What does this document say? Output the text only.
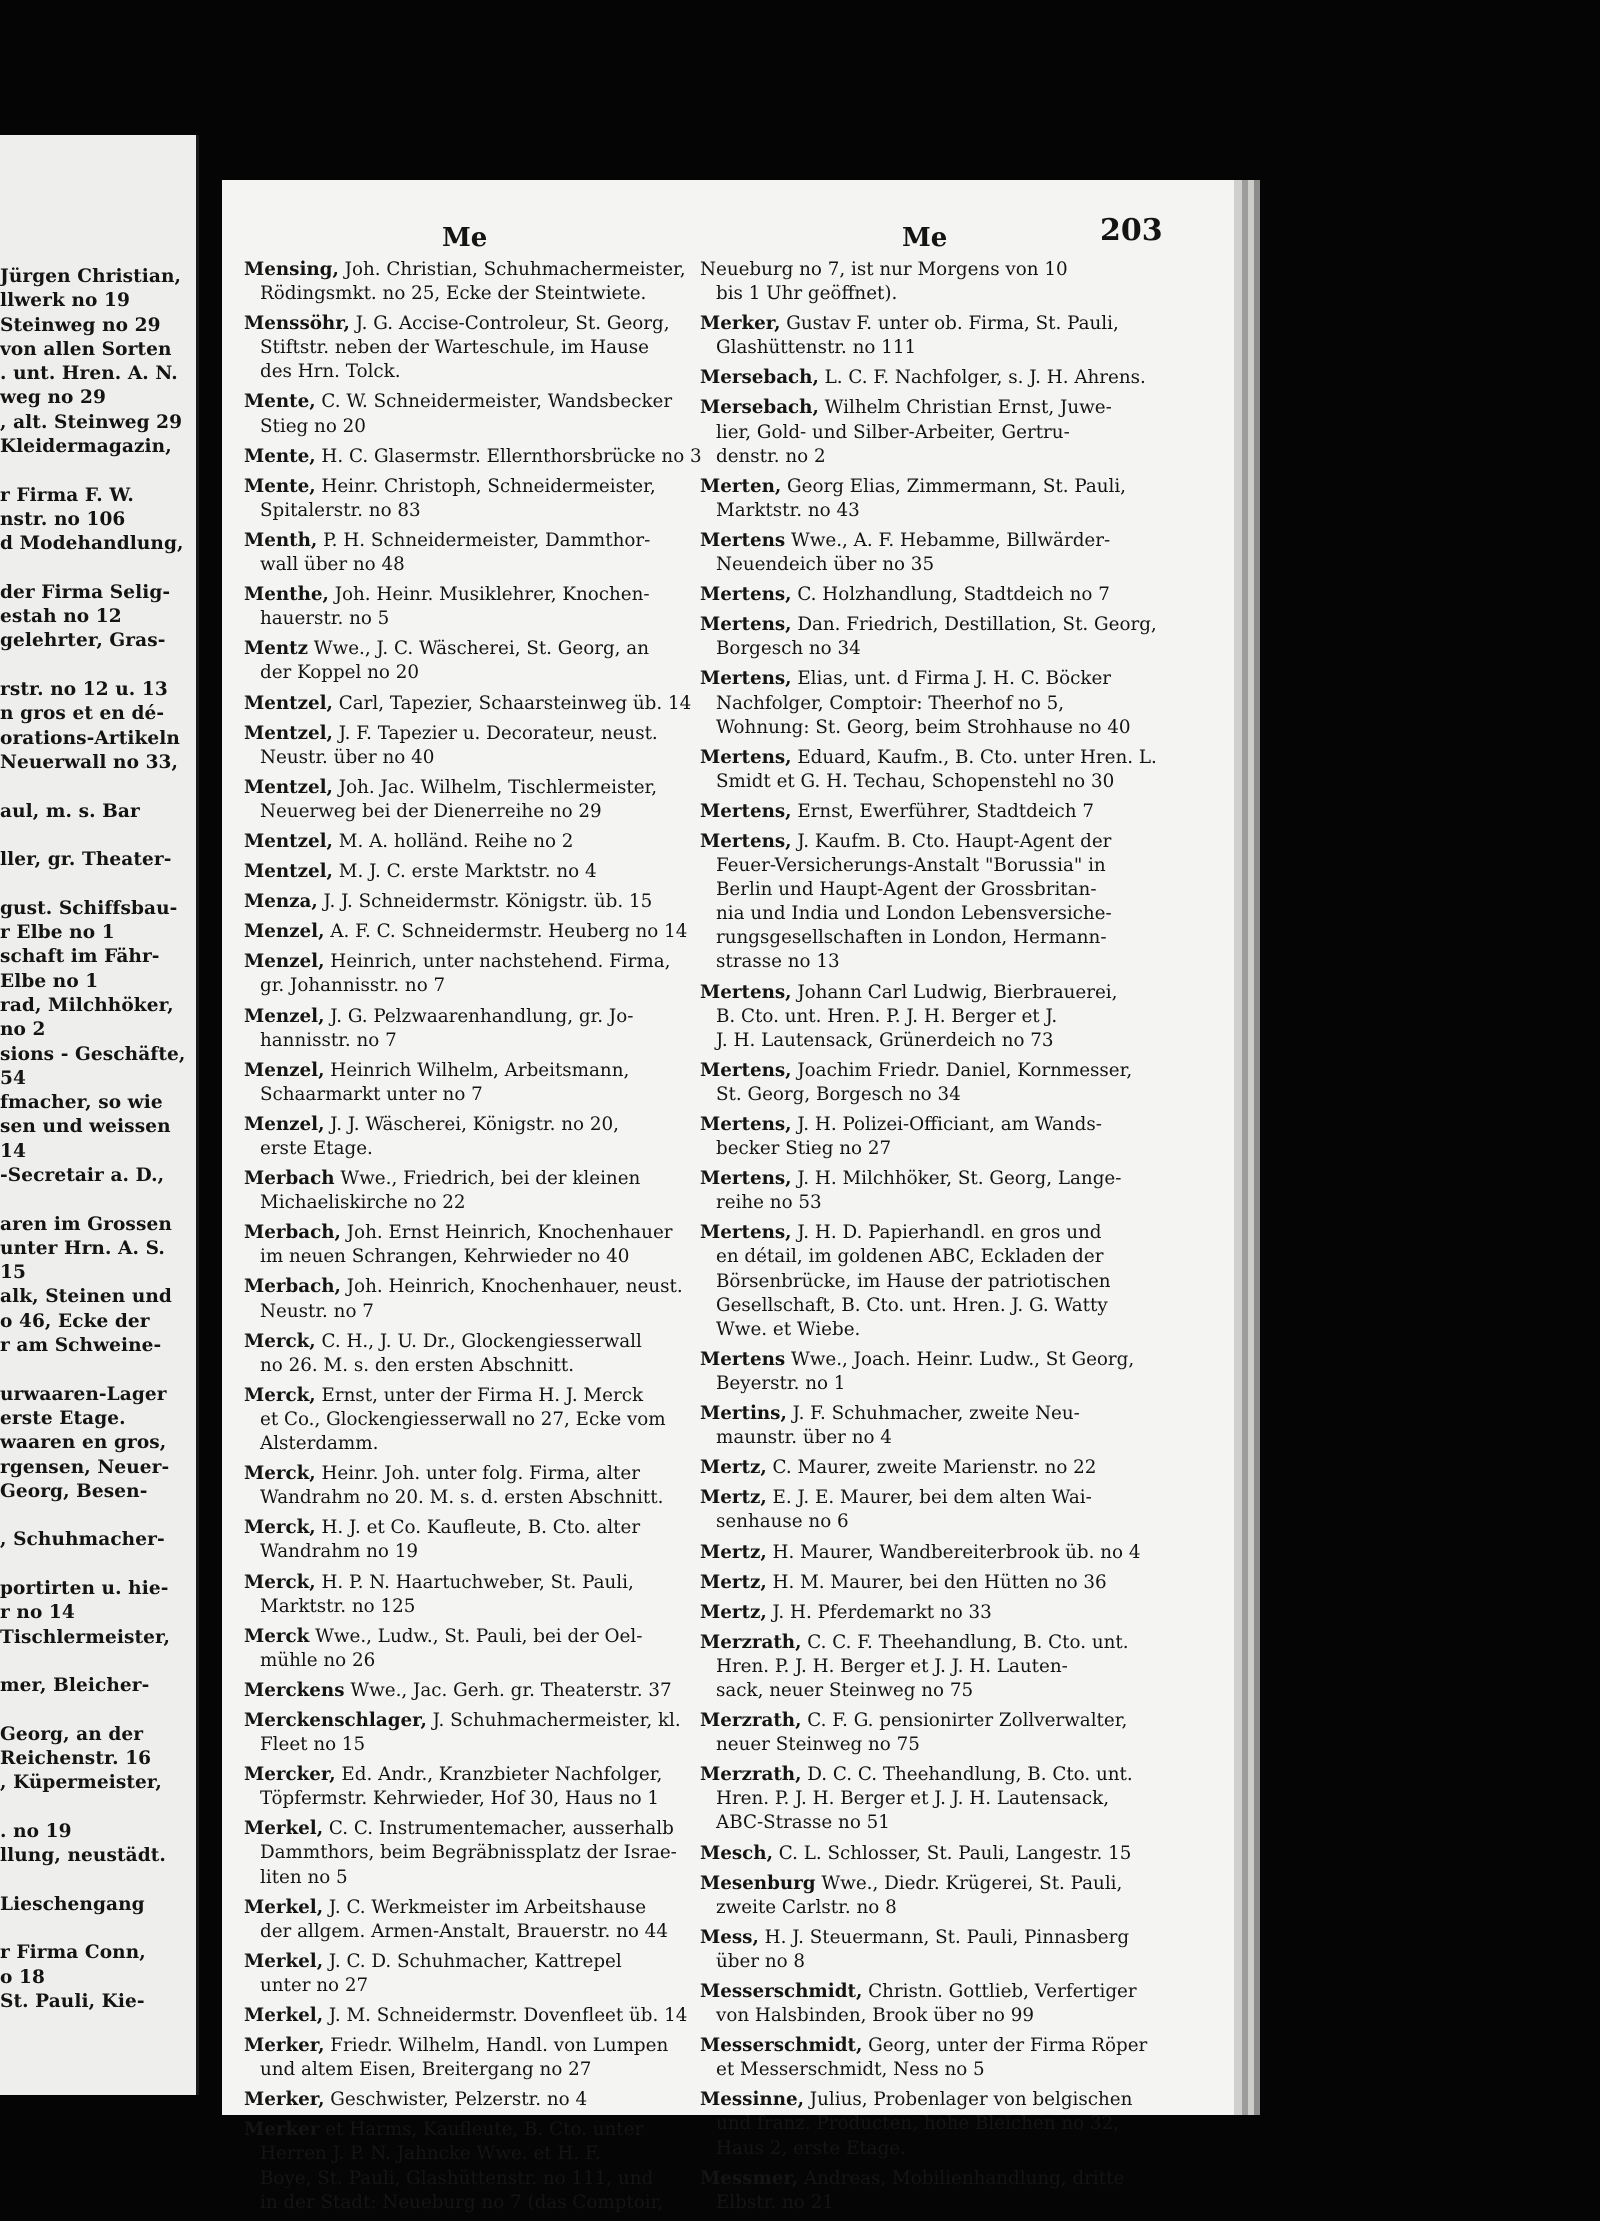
Jürgen Christian,
llwerk no 19
Steinweg no 29
von allen Sorten
. unt. Hren. A. N.
weg no 29
, alt. Steinweg 29
Kleidermagazin,
r Firma F. W.
nstr. no 106
d Modehandlung,
der Firma Selig-
estah no 12
gelehrter, Gras-
rstr. no 12 u. 13
n gros et en dé-
orations-Artikeln
Neuerwall no 33,
aul, m. s. Bar
ller, gr. Theater-
gust. Schiffsbau-
r Elbe no 1
schaft im Fähr-
Elbe no 1
rad, Milchhöker,
no 2
sions - Geschäfte,
54
fmacher, so wie
sen und weissen
14
-Secretair a. D.,
aren im Grossen
unter Hrn. A. S.
15
alk, Steinen und
o 46, Ecke der
r am Schweine-
urwaaren-Lager
erste Etage.
waaren en gros,
rgensen, Neuer-
Georg, Besen-
, Schuhmacher-
portirten u. hie-
r no 14
Tischlermeister,
mer, Bleicher-
Georg, an der
Reichenstr. 16
, Küpermeister,
. no 19
llung, neustädt.
Lieschengang
r Firma Conn,
o 18
St. Pauli, Kie-
Me	Me	203
Mensing, Joh. Christian, Schuhmachermeister,
Rödingsmkt. no 25, Ecke der Steintwiete.
Menssöhr, J. G. Accise-Controleur, St. Georg,
Stiftstr. neben der Warteschule, im Hause
des Hrn. Tolck.
Mente, C. W. Schneidermeister, Wandsbecker
Stieg no 20
Mente, H. C. Glasermstr. Ellernthorsbrücke no 3
Mente, Heinr. Christoph, Schneidermeister,
Spitalerstr. no 83
Menth, P. H. Schneidermeister, Dammthor-
wall über no 48
Menthe, Joh. Heinr. Musiklehrer, Knochen-
hauerstr. no 5
Mentz Wwe., J. C. Wäscherei, St. Georg, an
der Koppel no 20
Mentzel, Carl, Tapezier, Schaarsteinweg üb. 14
Mentzel, J. F. Tapezier u. Decorateur, neust.
Neustr. über no 40
Mentzel, Joh. Jac. Wilhelm, Tischlermeister,
Neuerweg bei der Dienerreihe no 29
Mentzel, M. A. holländ. Reihe no 2
Mentzel, M. J. C. erste Marktstr. no 4
Menza, J. J. Schneidermstr. Königstr. üb. 15
Menzel, A. F. C. Schneidermstr. Heuberg no 14
Menzel, Heinrich, unter nachstehend. Firma,
gr. Johannisstr. no 7
Menzel, J. G. Pelzwaarenhandlung, gr. Jo-
hannisstr. no 7
Menzel, Heinrich Wilhelm, Arbeitsmann,
Schaarmarkt unter no 7
Menzel, J. J. Wäscherei, Königstr. no 20,
erste Etage.
Merbach Wwe., Friedrich, bei der kleinen
Michaeliskirche no 22
Merbach, Joh. Ernst Heinrich, Knochenhauer
im neuen Schrangen, Kehrwieder no 40
Merbach, Joh. Heinrich, Knochenhauer, neust.
Neustr. no 7
Merck, C. H., J. U. Dr., Glockengiesserwall
no 26. M. s. den ersten Abschnitt.
Merck, Ernst, unter der Firma H. J. Merck
et Co., Glockengiesserwall no 27, Ecke vom
Alsterdamm.
Merck, Heinr. Joh. unter folg. Firma, alter
Wandrahm no 20. M. s. d. ersten Abschnitt.
Merck, H. J. et Co. Kaufleute, B. Cto. alter
Wandrahm no 19
Merck, H. P. N. Haartuchweber, St. Pauli,
Marktstr. no 125
Merck Wwe., Ludw., St. Pauli, bei der Oel-
mühle no 26
Merckens Wwe., Jac. Gerh. gr. Theaterstr. 37
Merckenschlager, J. Schuhmachermeister, kl.
Fleet no 15
Mercker, Ed. Andr., Kranzbieter Nachfolger,
Töpfermstr. Kehrwieder, Hof 30, Haus no 1
Merkel, C. C. Instrumentemacher, ausserhalb
Dammthors, beim Begräbnissplatz der Israe-
liten no 5
Merkel, J. C. Werkmeister im Arbeitshause
der allgem. Armen-Anstalt, Brauerstr. no 44
Merkel, J. C. D. Schuhmacher, Kattrepel
unter no 27
Merkel, J. M. Schneidermstr. Dovenfleet üb. 14
Merker, Friedr. Wilhelm, Handl. von Lumpen
und altem Eisen, Breitergang no 27
Merker, Geschwister, Pelzerstr. no 4
Merker et Harms, Kaufleute, B. Cto. unter
Herren J. P. N. Jahncke Wwe. et H. F.
Boye, St. Pauli, Glashüttenstr. no 111, und
in der Stadt: Neueburg no 7 (das Comptoir,
Neueburg no 7, ist nur Morgens von 10
bis 1 Uhr geöffnet).
Merker, Gustav F. unter ob. Firma, St. Pauli,
Glashüttenstr. no 111
Mersebach, L. C. F. Nachfolger, s. J. H. Ahrens.
Mersebach, Wilhelm Christian Ernst, Juwe-
lier, Gold- und Silber-Arbeiter, Gertru-
denstr. no 2
Merten, Georg Elias, Zimmermann, St. Pauli,
Marktstr. no 43
Mertens Wwe., A. F. Hebamme, Billwärder-
Neuendeich über no 35
Mertens, C. Holzhandlung, Stadtdeich no 7
Mertens, Dan. Friedrich, Destillation, St. Georg,
Borgesch no 34
Mertens, Elias, unt. d Firma J. H. C. Böcker
Nachfolger, Comptoir: Theerhof no 5,
Wohnung: St. Georg, beim Strohhause no 40
Mertens, Eduard, Kaufm., B. Cto. unter Hren. L.
Smidt et G. H. Techau, Schopenstehl no 30
Mertens, Ernst, Ewerführer, Stadtdeich 7
Mertens, J. Kaufm. B. Cto. Haupt-Agent der
Feuer-Versicherungs-Anstalt "Borussia" in
Berlin und Haupt-Agent der Grossbritan-
nia und India und London Lebensversiche-
rungsgesellschaften in London, Hermann-
strasse no 13
Mertens, Johann Carl Ludwig, Bierbrauerei,
B. Cto. unt. Hren. P. J. H. Berger et J.
J. H. Lautensack, Grünerdeich no 73
Mertens, Joachim Friedr. Daniel, Kornmesser,
St. Georg, Borgesch no 34
Mertens, J. H. Polizei-Officiant, am Wands-
becker Stieg no 27
Mertens, J. H. Milchhöker, St. Georg, Lange-
reihe no 53
Mertens, J. H. D. Papierhandl. en gros und
en détail, im goldenen ABC, Eckladen der
Börsenbrücke, im Hause der patriotischen
Gesellschaft, B. Cto. unt. Hren. J. G. Watty
Wwe. et Wiebe.
Mertens Wwe., Joach. Heinr. Ludw., St Georg,
Beyerstr. no 1
Mertins, J. F. Schuhmacher, zweite Neu-
maunstr. über no 4
Mertz, C. Maurer, zweite Marienstr. no 22
Mertz, E. J. E. Maurer, bei dem alten Wai-
senhause no 6
Mertz, H. Maurer, Wandbereiterbrook üb. no 4
Mertz, H. M. Maurer, bei den Hütten no 36
Mertz, J. H. Pferdemarkt no 33
Merzrath, C. C. F. Theehandlung, B. Cto. unt.
Hren. P. J. H. Berger et J. J. H. Lauten-
sack, neuer Steinweg no 75
Merzrath, C. F. G. pensionirter Zollverwalter,
neuer Steinweg no 75
Merzrath, D. C. C. Theehandlung, B. Cto. unt.
Hren. P. J. H. Berger et J. J. H. Lautensack,
ABC-Strasse no 51
Mesch, C. L. Schlosser, St. Pauli, Langestr. 15
Mesenburg Wwe., Diedr. Krügerei, St. Pauli,
zweite Carlstr. no 8
Mess, H. J. Steuermann, St. Pauli, Pinnasberg
über no 8
Messerschmidt, Christn. Gottlieb, Verfertiger
von Halsbinden, Brook über no 99
Messerschmidt, Georg, unter der Firma Röper
et Messerschmidt, Ness no 5
Messinne, Julius, Probenlager von belgischen
und franz. Producten, hohe Bleichen no 32,
Haus 2, erste Etage.
Messmer, Andreas, Mobilienhandlung, dritte
Elbstr. no 21
